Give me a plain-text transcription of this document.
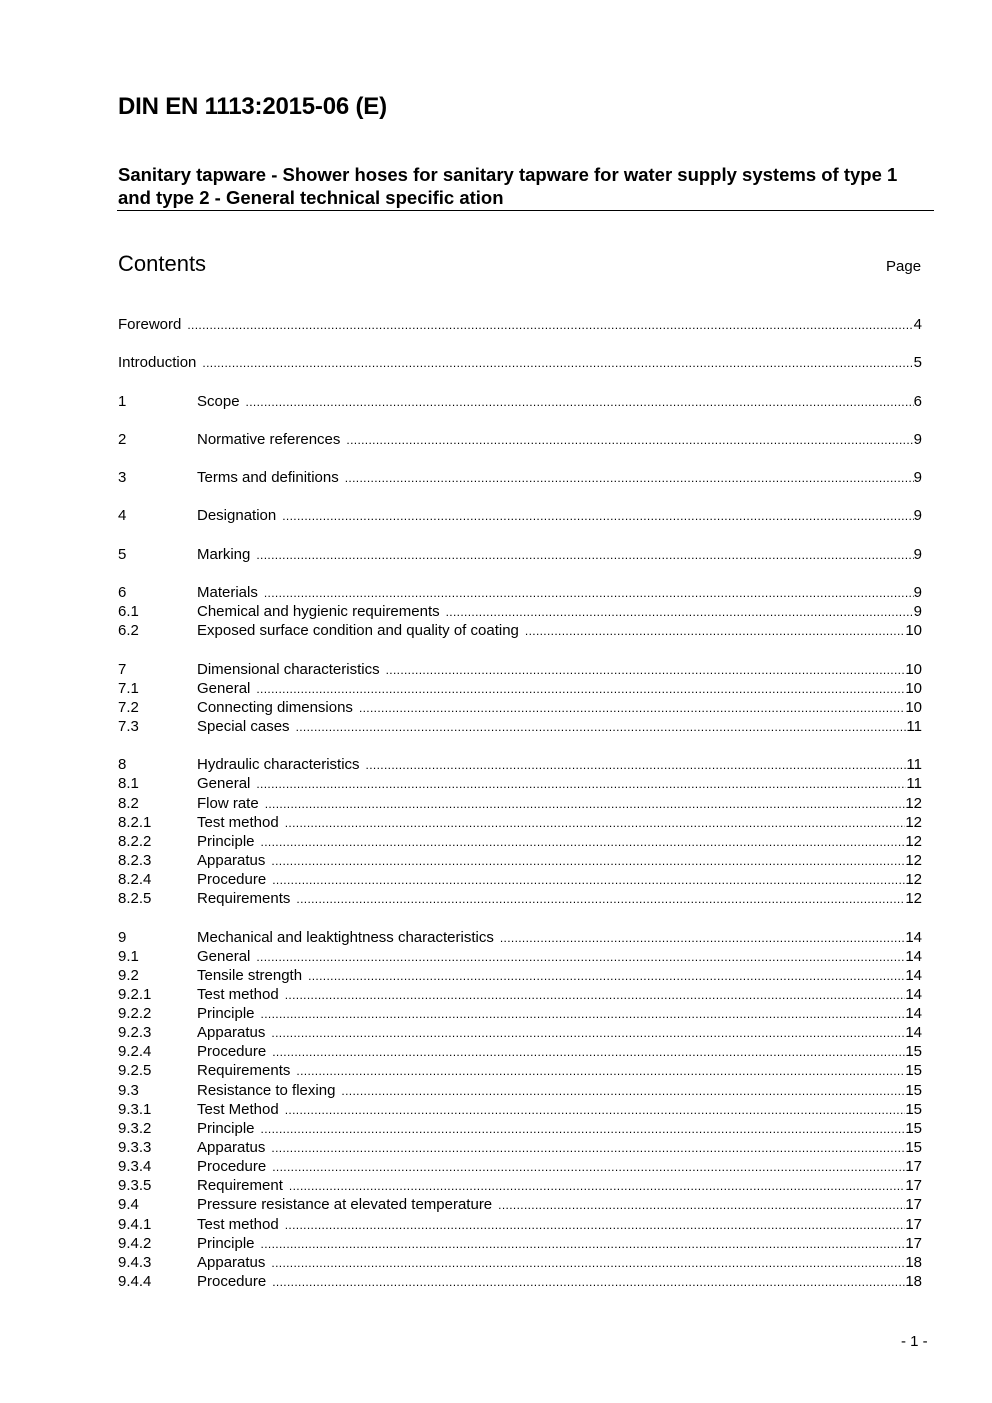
DIN EN 1113:2015-06 (E)
Sanitary tapware - Shower hoses for sanitary tapware for water supply systems of type 1 and type 2 - General technical specific ation
Contents	Page
Foreword .....	4
Introduction .....	5
1	Scope .....	6
2	Normative references .....	9
3	Terms and definitions .....	9
4	Designation .....	9
5	Marking .....	9
6	Materials .....	9
6.1	Chemical and hygienic requirements .....	9
6.2	Exposed surface condition and quality of coating .....	10
7	Dimensional characteristics .....	10
7.1	General .....	10
7.2	Connecting dimensions .....	10
7.3	Special cases .....	11
8	Hydraulic characteristics .....	11
8.1	General .....	11
8.2	Flow rate .....	12
8.2.1	Test method .....	12
8.2.2	Principle .....	12
8.2.3	Apparatus .....	12
8.2.4	Procedure .....	12
8.2.5	Requirements .....	12
9	Mechanical and leaktightness characteristics .....	14
9.1	General .....	14
9.2	Tensile strength .....	14
9.2.1	Test method .....	14
9.2.2	Principle .....	14
9.2.3	Apparatus .....	14
9.2.4	Procedure .....	15
9.2.5	Requirements .....	15
9.3	Resistance to flexing .....	15
9.3.1	Test Method .....	15
9.3.2	Principle .....	15
9.3.3	Apparatus .....	15
9.3.4	Procedure .....	17
9.3.5	Requirement .....	17
9.4	Pressure resistance at elevated temperature .....	17
9.4.1	Test method .....	17
9.4.2	Principle .....	17
9.4.3	Apparatus .....	18
9.4.4	Procedure .....	18
- 1 -
